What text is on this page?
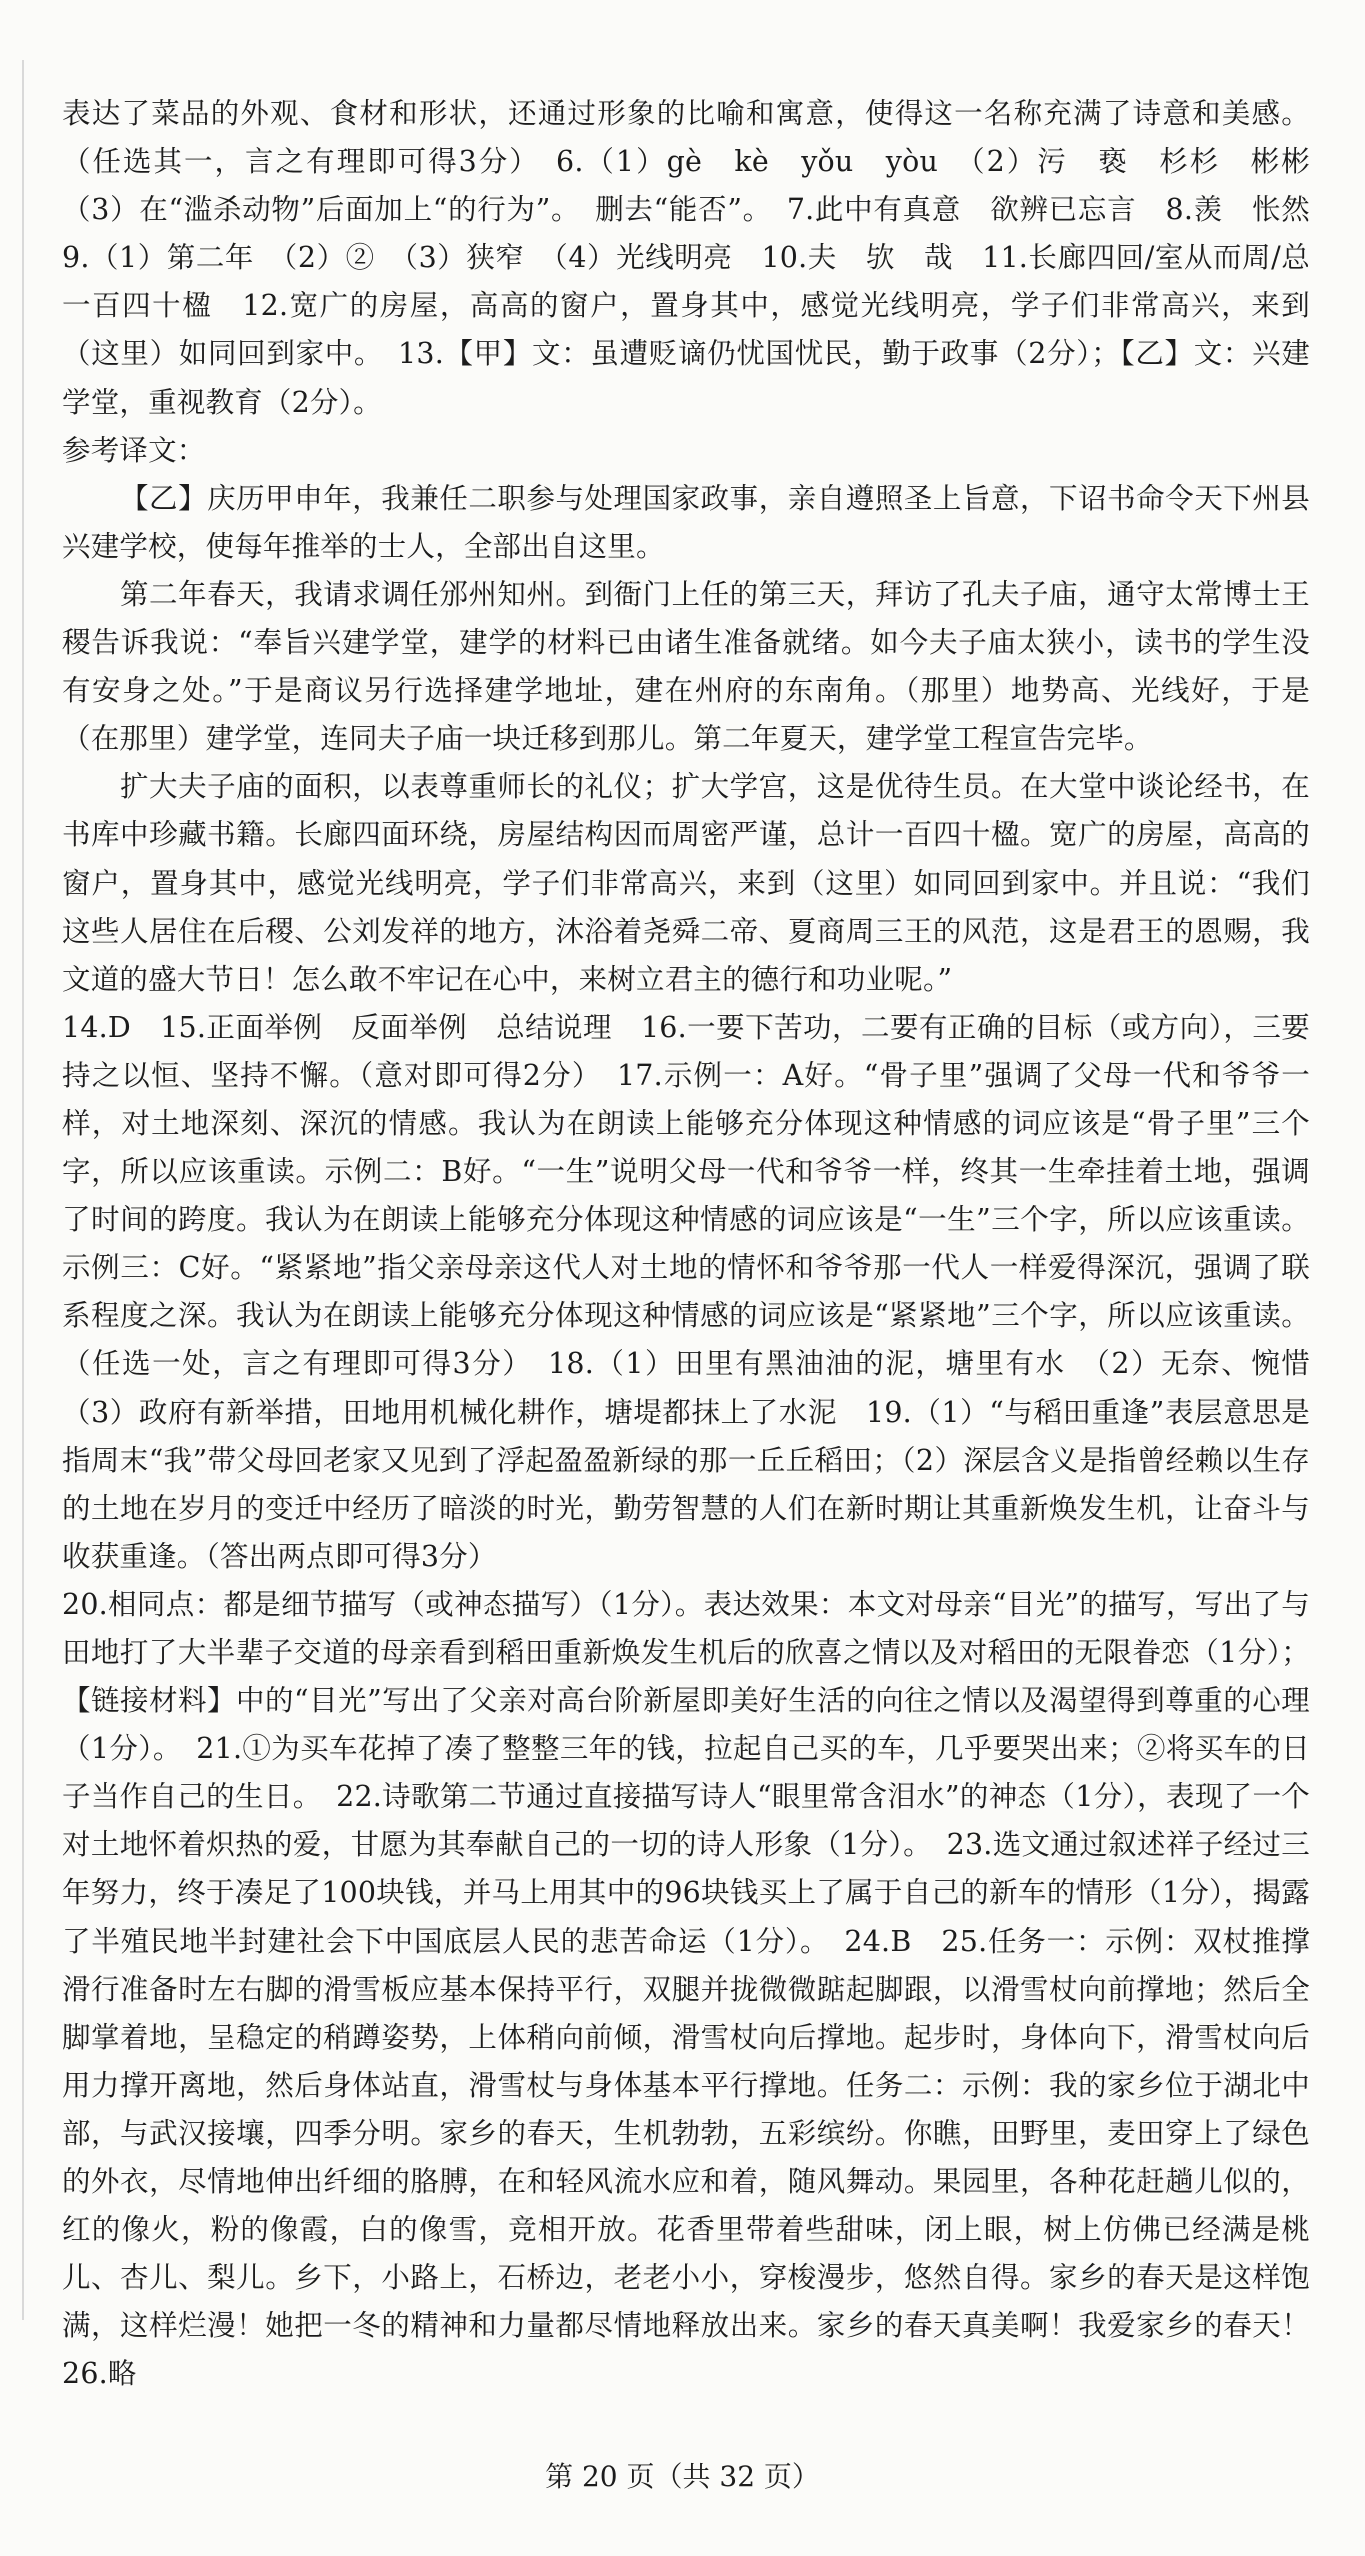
表达了菜品的外观、食材和形状，还通过形象的比喻和寓意，使得这一名称充满了诗意和美感。（任选其一，言之有理即可得3分）　6.（1）gè　kè　yǒu　yòu　（2）污　亵　杉杉　彬彬　（3）在“滥杀动物”后面加上“的行为”。　删去“能否”。　7.此中有真意　欲辨已忘言　8.羡　怅然　9.（1）第二年　（2）②　（3）狭窄　（4）光线明亮　10.夫　欤　哉　11.长廊四回/室从而周/总一百四十楹　12.宽广的房屋，高高的窗户，置身其中，感觉光线明亮，学子们非常高兴，来到（这里）如同回到家中。　13.【甲】文：虽遭贬谪仍忧国忧民，勤于政事（2分）；【乙】文：兴建学堂，重视教育（2分）。

参考译文：

【乙】庆历甲申年，我兼任二职参与处理国家政事，亲自遵照圣上旨意，下诏书命令天下州县兴建学校，使每年推举的士人，全部出自这里。

第二年春天，我请求调任邠州知州。到衙门上任的第三天，拜访了孔夫子庙，通守太常博士王稷告诉我说：“奉旨兴建学堂，建学的材料已由诸生准备就绪。如今夫子庙太狭小，读书的学生没有安身之处。”于是商议另行选择建学地址，建在州府的东南角。（那里）地势高、光线好，于是（在那里）建学堂，连同夫子庙一块迁移到那儿。第二年夏天，建学堂工程宣告完毕。

扩大夫子庙的面积，以表尊重师长的礼仪；扩大学宫，这是优待生员。在大堂中谈论经书，在书库中珍藏书籍。长廊四面环绕，房屋结构因而周密严谨，总计一百四十楹。宽广的房屋，高高的窗户，置身其中，感觉光线明亮，学子们非常高兴，来到（这里）如同回到家中。并且说：“我们这些人居住在后稷、公刘发祥的地方，沐浴着尧舜二帝、夏商周三王的风范，这是君王的恩赐，我文道的盛大节日！怎么敢不牢记在心中，来树立君主的德行和功业呢。”

14.D　15.正面举例　反面举例　总结说理　16.一要下苦功，二要有正确的目标（或方向），三要持之以恒、坚持不懈。（意对即可得2分）　17.示例一：A好。“骨子里”强调了父母一代和爷爷一样，对土地深刻、深沉的情感。我认为在朗读上能够充分体现这种情感的词应该是“骨子里”三个字，所以应该重读。示例二：B好。“一生”说明父母一代和爷爷一样，终其一生牵挂着土地，强调了时间的跨度。我认为在朗读上能够充分体现这种情感的词应该是“一生”三个字，所以应该重读。示例三：C好。“紧紧地”指父亲母亲这代人对土地的情怀和爷爷那一代人一样爱得深沉，强调了联系程度之深。我认为在朗读上能够充分体现这种情感的词应该是“紧紧地”三个字，所以应该重读。（任选一处，言之有理即可得3分）　18.（1）田里有黑油油的泥，塘里有水　（2）无奈、惋惜　（3）政府有新举措，田地用机械化耕作，塘堤都抹上了水泥　19.（1）“与稻田重逢”表层意思是指周末“我”带父母回老家又见到了浮起盈盈新绿的那一丘丘稻田；（2）深层含义是指曾经赖以生存的土地在岁月的变迁中经历了暗淡的时光，勤劳智慧的人们在新时期让其重新焕发生机，让奋斗与收获重逢。（答出两点即可得3分）

20.相同点：都是细节描写（或神态描写）（1分）。表达效果：本文对母亲“目光”的描写，写出了与田地打了大半辈子交道的母亲看到稻田重新焕发生机后的欣喜之情以及对稻田的无限眷恋（1分）；【链接材料】中的“目光”写出了父亲对高台阶新屋即美好生活的向往之情以及渴望得到尊重的心理（1分）。　21.①为买车花掉了凑了整整三年的钱，拉起自己买的车，几乎要哭出来；②将买车的日子当作自己的生日。　22.诗歌第二节通过直接描写诗人“眼里常含泪水”的神态（1分），表现了一个对土地怀着炽热的爱，甘愿为其奉献自己的一切的诗人形象（1分）。　23.选文通过叙述祥子经过三年努力，终于凑足了100块钱，并马上用其中的96块钱买上了属于自己的新车的情形（1分），揭露了半殖民地半封建社会下中国底层人民的悲苦命运（1分）。　24.B　25.任务一：示例：双杖推撑滑行准备时左右脚的滑雪板应基本保持平行，双腿并拢微微踮起脚跟，以滑雪杖向前撑地；然后全脚掌着地，呈稳定的稍蹲姿势，上体稍向前倾，滑雪杖向后撑地。起步时，身体向下，滑雪杖向后用力撑开离地，然后身体站直，滑雪杖与身体基本平行撑地。任务二：示例：我的家乡位于湖北中部，与武汉接壤，四季分明。家乡的春天，生机勃勃，五彩缤纷。你瞧，田野里，麦田穿上了绿色的外衣，尽情地伸出纤细的胳膊，在和轻风流水应和着，随风舞动。果园里，各种花赶趟儿似的，红的像火，粉的像霞，白的像雪，竞相开放。花香里带着些甜味，闭上眼，树上仿佛已经满是桃儿、杏儿、梨儿。乡下，小路上，石桥边，老老小小，穿梭漫步，悠然自得。家乡的春天是这样饱满，这样烂漫！她把一冬的精神和力量都尽情地释放出来。家乡的春天真美啊！我爱家乡的春天！　26.略

第 20 页（共 32 页）
